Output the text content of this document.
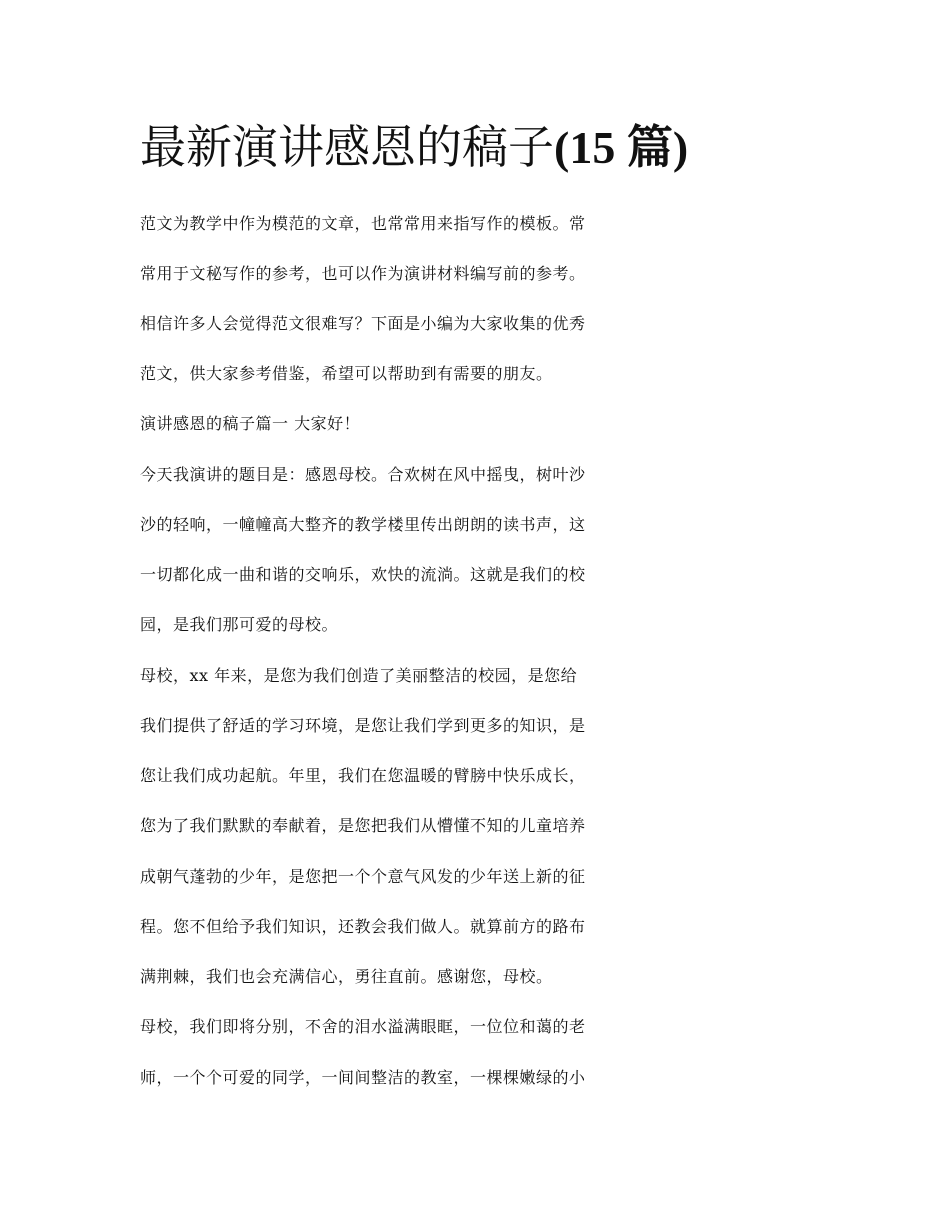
最新演讲感恩的稿子(15 篇)

范文为教学中作为模范的文章，也常常用来指写作的模板。常

常用于文秘写作的参考，也可以作为演讲材料编写前的参考。

相信许多人会觉得范文很难写？下面是小编为大家收集的优秀

范文，供大家参考借鉴，希望可以帮助到有需要的朋友。

演讲感恩的稿子篇一 大家好！

今天我演讲的题目是：感恩母校。合欢树在风中摇曳，树叶沙

沙的轻响，一幢幢高大整齐的教学楼里传出朗朗的读书声，这

一切都化成一曲和谐的交响乐，欢快的流淌。这就是我们的校

园，是我们那可爱的母校。

母校，xx 年来，是您为我们创造了美丽整洁的校园，是您给

我们提供了舒适的学习环境，是您让我们学到更多的知识，是

您让我们成功起航。年里，我们在您温暖的臂膀中快乐成长，

您为了我们默默的奉献着，是您把我们从懵懂不知的儿童培养

成朝气蓬勃的少年，是您把一个个意气风发的少年送上新的征

程。您不但给予我们知识，还教会我们做人。就算前方的路布

满荆棘，我们也会充满信心，勇往直前。感谢您，母校。

母校，我们即将分别，不舍的泪水溢满眼眶，一位位和蔼的老

师，一个个可爱的同学，一间间整洁的教室，一棵棵嫩绿的小
